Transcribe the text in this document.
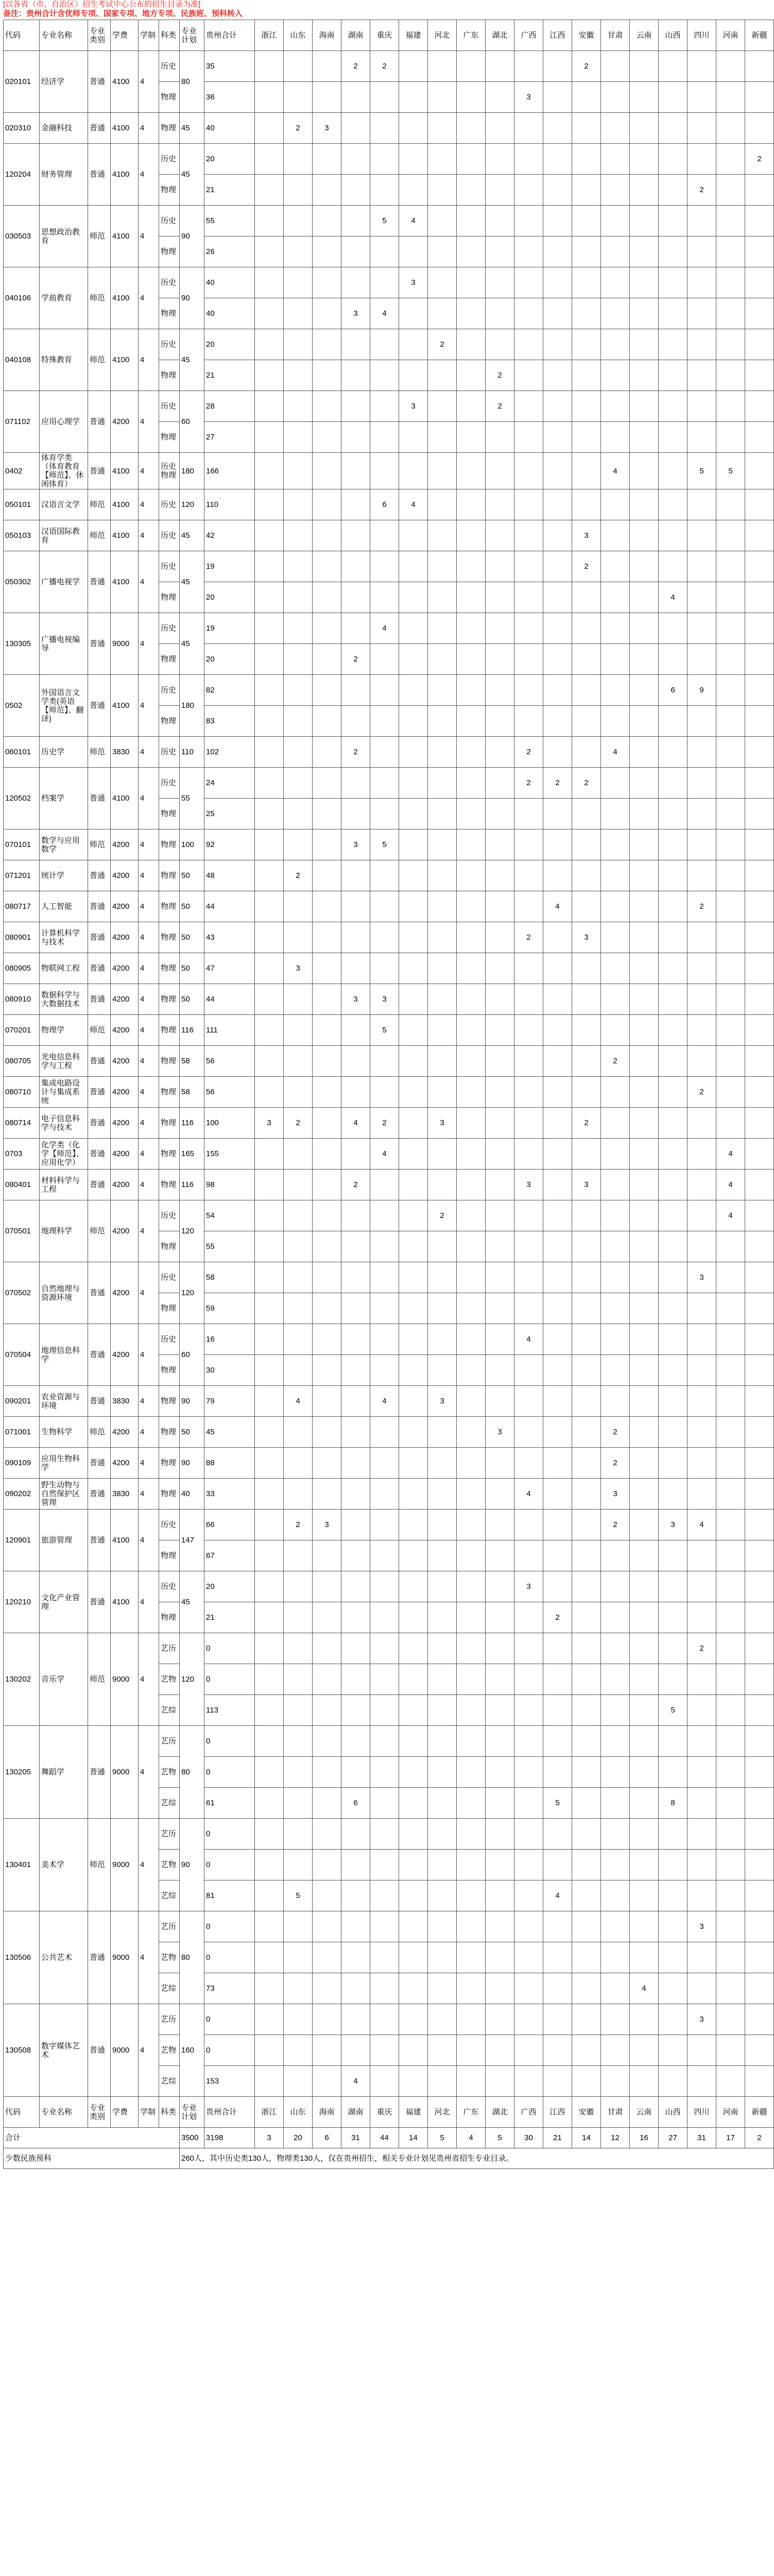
[以各省（市、自治区）招生考试中心公布的招生目录为准]
备注：贵州合计含优师专项、国家专项、地方专项、民族班、预科转入
代码	专业名称	专业类别	学费	学制	科类	专业计划	贵州合计	浙江	山东	海南	湖南	重庆	福建	河北	广东	湖北	广西	江西	安徽	甘肃	云南	山西	四川	河南	新疆
020101	经济学	普通	4100	4	历史	80	35				2	2							2						
					物理		36										3								
020310	金融科技	普通	4100	4	物理	45	40		2	3															
120204	财务管理	普通	4100	4	历史	45	20																		2
					物理		21																2		
030503	思想政治教育	师范	4100	4	历史	90	55					5	4												
					物理		26																		
040106	学前教育	师范	4100	4	历史	90	40						3												
					物理		40				3	4													
040108	特殊教育	师范	4100	4	历史	45	20							2											
					物理		21									2									
071102	应用心理学	普通	4200	4	历史	60	28						3			2									
					物理		27																		
0402	体育学类（体育教育【师范】、休闲体育）	普通	4100	4	历史物理	180	166													4			5	5	
050101	汉语言文学	师范	4100	4	历史	120	110					6	4												
050103	汉语国际教育	师范	4100	4	历史	45	42												3						
050302	广播电视学	普通	4100	4	历史	45	19												2						
					物理		20															4			
130305	广播电视编导	普通	9000	4	历史	45	19					4													
					物理		20				2														
0502	外国语言文学类(英语【师范】、翻译)	普通	4100	4	历史	180	82															6	9		
					物理		83																		
060101	历史学	师范	3830	4	历史	110	102				2						2			4					
120502	档案学	普通	4100	4	历史	55	24										2	2	2						
					物理		25																		
070101	数学与应用数学	师范	4200	4	物理	100	92				3	5													
071201	统计学	普通	4200	4	物理	50	48		2																
080717	人工智能	普通	4200	4	物理	50	44											4					2		
080901	计算机科学与技术	普通	4200	4	物理	50	43										2		3						
080905	物联网工程	普通	4200	4	物理	50	47		3																
080910	数据科学与大数据技术	普通	4200	4	物理	50	44				3	3													
070201	物理学	师范	4200	4	物理	116	111					5													
080705	光电信息科学与工程	普通	4200	4	物理	58	56													2					
080710	集成电路设计与集成系统	普通	4200	4	物理	58	56																2		
080714	电子信息科学与技术	普通	4200	4	物理	116	100	3	2		4	2		3					2						
0703	化学类（化学【师范】、应用化学）	普通	4200	4	物理	165	155					4												4	
080401	材料科学与工程	普通	4200	4	物理	116	98				2						3		3					4	
070501	地理科学	师范	4200	4	历史	120	54							2										4	
					物理		55																		
070502	自然地理与资源环境	普通	4200	4	历史	120	58																3		
					物理		59																		
070504	地理信息科学	普通	4200	4	历史	60	16										4								
					物理		30																		
090201	农业资源与环境	普通	3830	4	物理	90	79		4			4		3											
071001	生物科学	师范	4200	4	物理	50	45									3				2					
090109	应用生物科学	普通	4200	4	物理	90	88													2					
090202	野生动物与自然保护区管理	普通	3830	4	物理	40	33										4			3					
120901	旅游管理	普通	4100	4	历史	147	66		2	3										2		3	4		
					物理		67																		
120210	文化产业管理	普通	4100	4	历史	45	20										3								
					物理		21											2							
130202	音乐学	师范	9000	4	艺历	120	0																2		
					艺物		0																		
					艺综		113															5			
130205	舞蹈学	普通	9000	4	艺历	80	0																		
					艺物		0																		
					艺综		61				6							5				8			
130401	美术学	师范	9000	4	艺历	90	0																		
					艺物		0																		
					艺综		81		5									4							
130506	公共艺术	普通	9000	4	艺历	80	0																3		
					艺物		0																		
					艺综		73														4				
130508	数字媒体艺术	普通	9000	4	艺历	160	0																3		
					艺物		0																		
					艺综		153				4														
代码	专业名称	专业类别	学费	学制	科类	专业计划	贵州合计	浙江	山东	海南	湖南	重庆	福建	河北	广东	湖北	广西	江西	安徽	甘肃	云南	山西	四川	河南	新疆
合计						3500	3198	3	20	6	31	44	14	5	4	5	30	21	14	12	16	27	31	17	2
少数民族预科						260人，其中历史类130人，物理类130人，仅在贵州招生，相关专业计划见贵州省招生专业目录。																			
